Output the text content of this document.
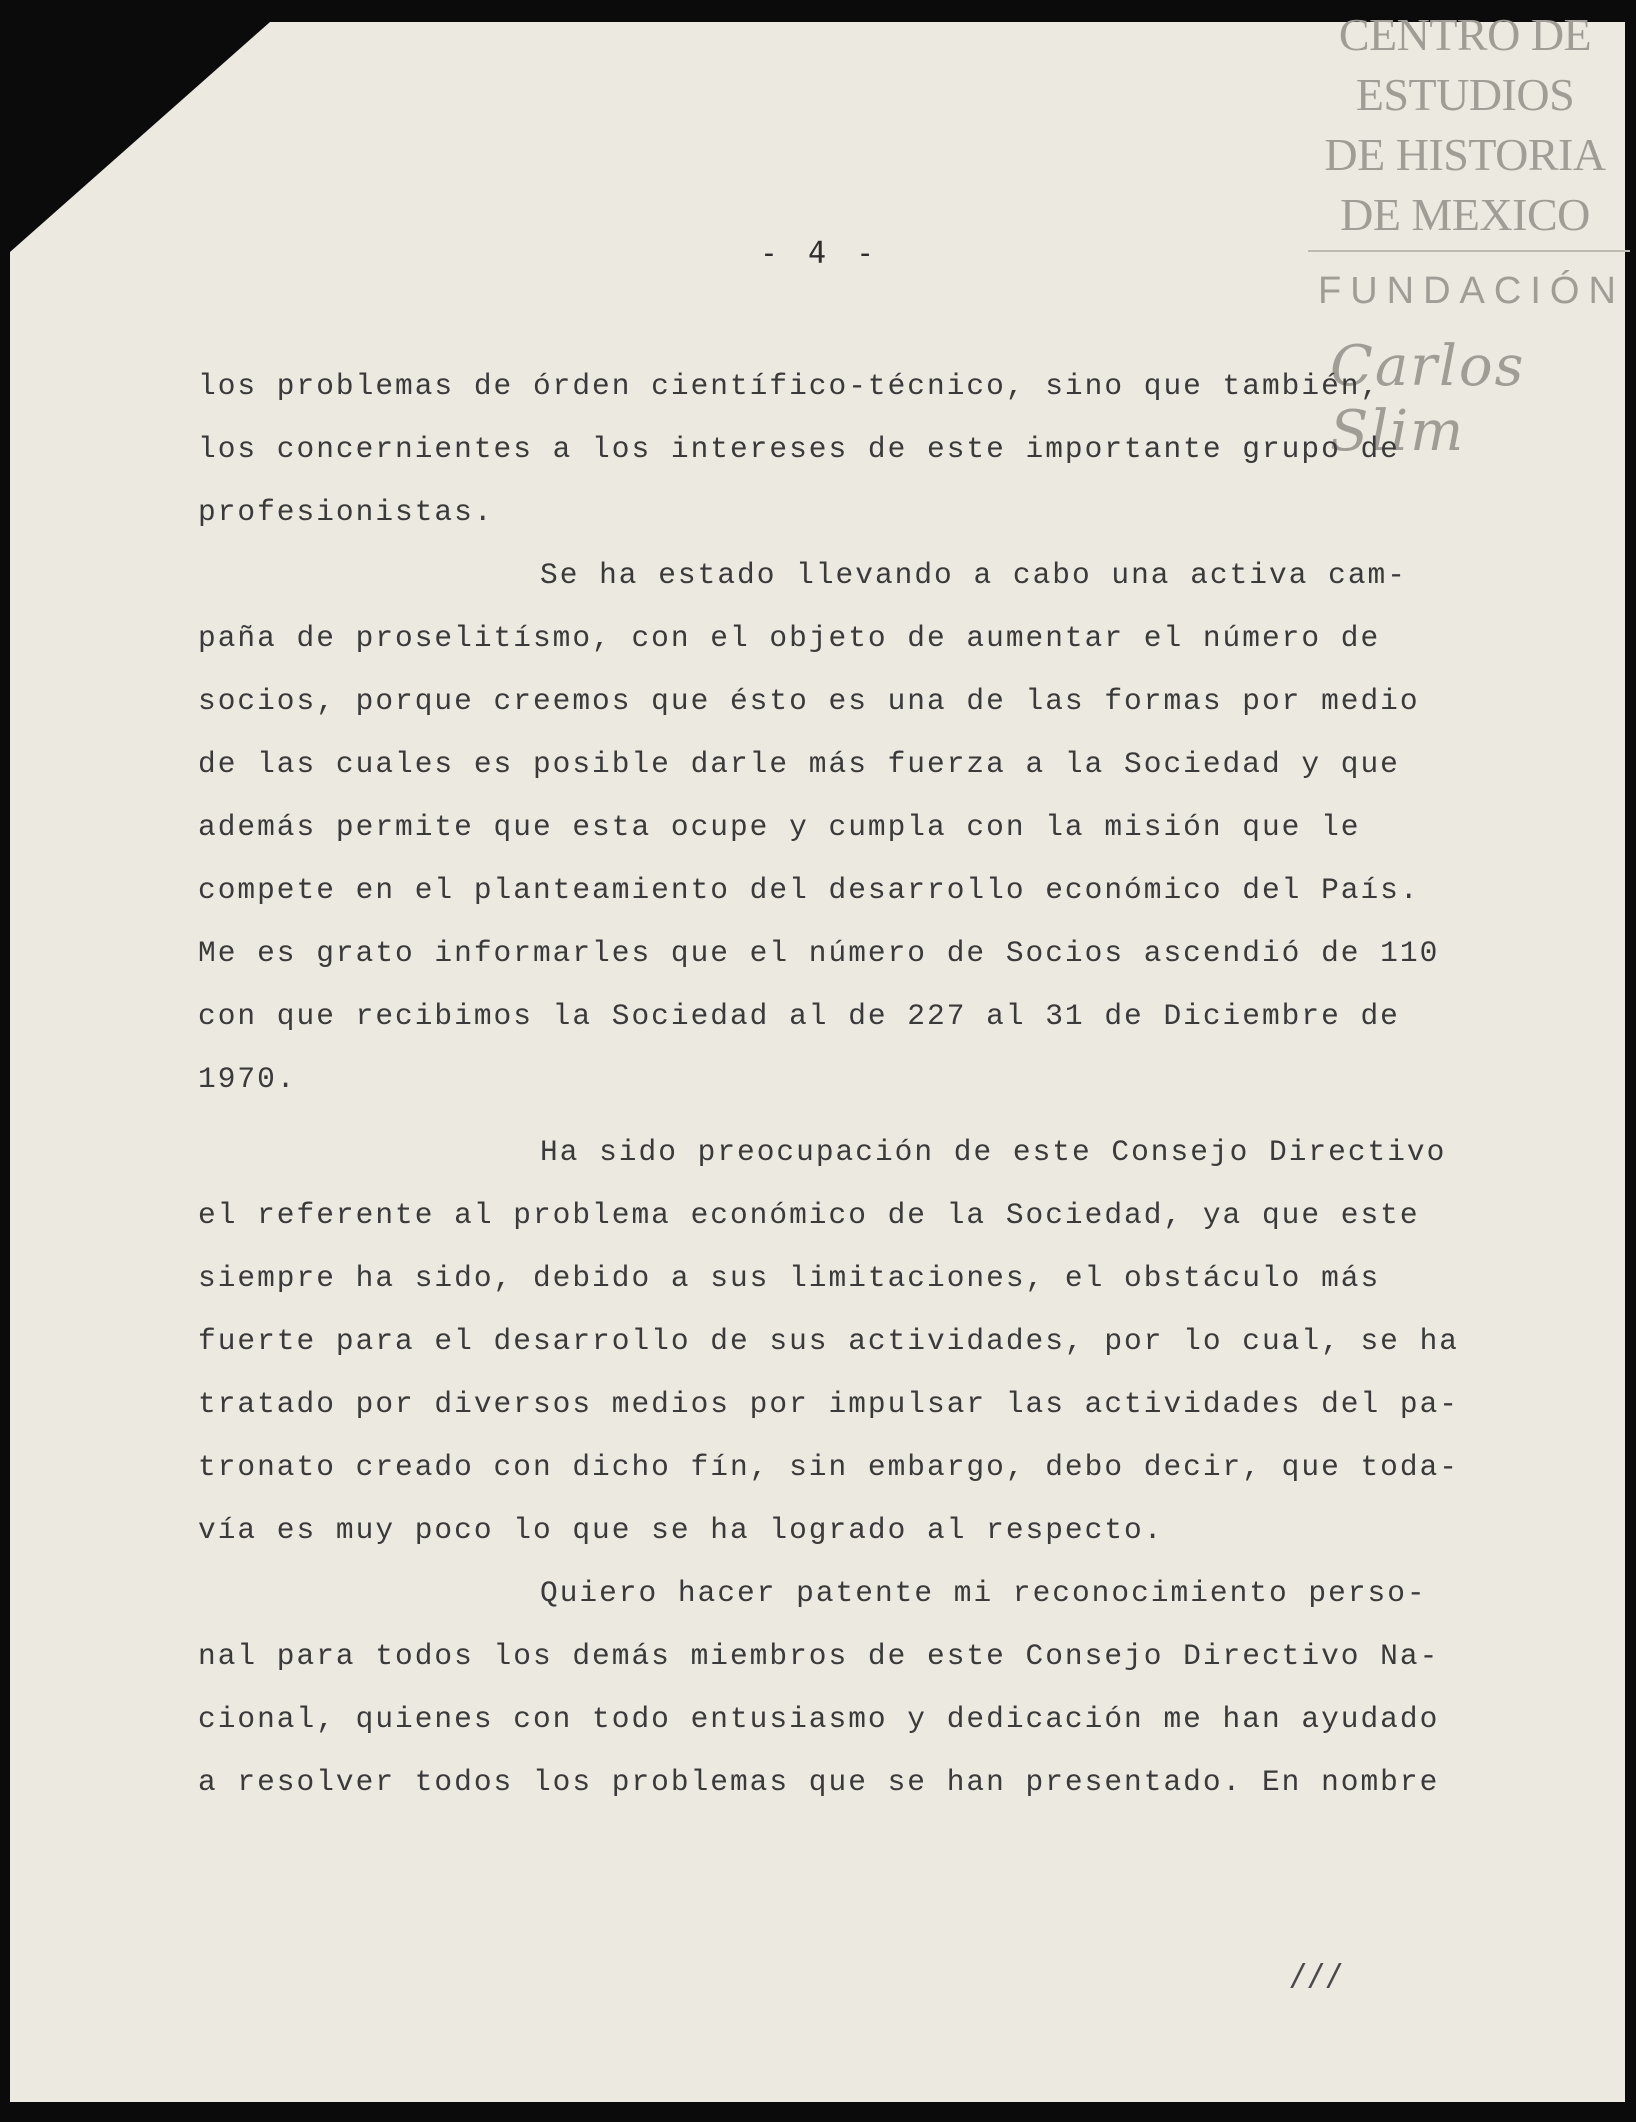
CENTRO DE
ESTUDIOS
DE HISTORIA
DE MEXICO
FUNDACIÓN
Carlos Slim
- 4 -
los problemas de órden científico-técnico, sino que también,
los concernientes a los intereses de este importante grupo de
profesionistas.
Se ha estado llevando a cabo una activa cam-
paña de proselitísmo, con el objeto de aumentar el número de
socios, porque creemos que ésto es una de las formas por medio
de las cuales es posible darle más fuerza a la Sociedad y que
además permite que esta ocupe y cumpla con la misión que le
compete en el planteamiento del desarrollo económico del País.
Me es grato informarles que el número de Socios ascendió de 110
con que recibimos la Sociedad al de 227 al 31 de Diciembre de
1970.
Ha sido preocupación de este Consejo Directivo
el referente al problema económico de la Sociedad, ya que este
siempre ha sido, debido a sus limitaciones, el obstáculo más
fuerte para el desarrollo de sus actividades, por lo cual, se ha
tratado por diversos medios por impulsar las actividades del pa-
tronato creado con dicho fín, sin embargo, debo decir, que toda-
vía es muy poco lo que se ha logrado al respecto.
Quiero hacer patente mi reconocimiento perso-
nal para todos los demás miembros de este Consejo Directivo Na-
cional, quienes con todo entusiasmo y dedicación me han ayudado
a resolver todos los problemas que se han presentado. En nombre
///
